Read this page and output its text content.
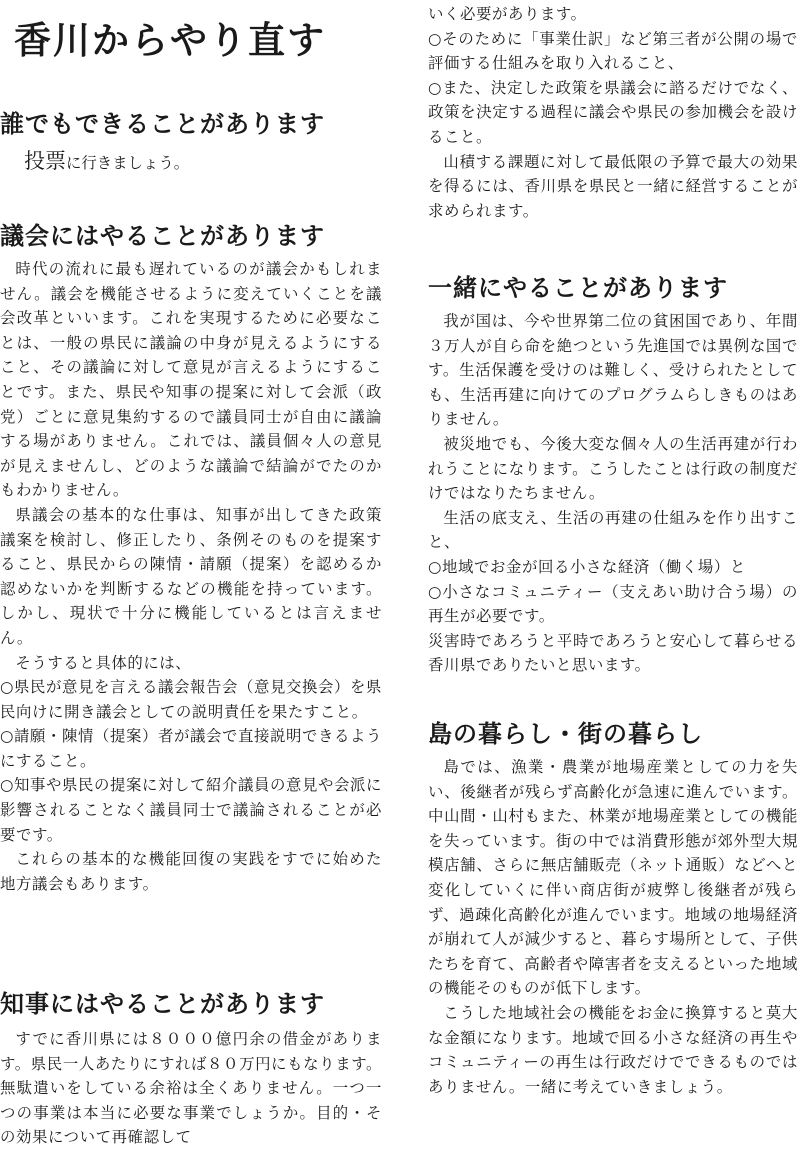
香川からやり直す
誰でもできることがあります
投票に行きましょう。
議会にはやることがあります

時代の流れに最も遅れているのが議会かもしれません。議会を機能させるように変えていくことを議会改革といいます。これを実現するために必要なことは、一般の県民に議論の中身が見えるようにすること、その議論に対して意見が言えるようにすることです。また、県民や知事の提案に対して会派（政党）ごとに意見集約するので議員同士が自由に議論する場がありません。これでは、議員個々人の意見が見えませんし、どのような議論で結論がでたのかもわかりません。

県議会の基本的な仕事は、知事が出してきた政策議案を検討し、修正したり、条例そのものを提案すること、県民からの陳情・請願（提案）を認めるか認めないかを判断するなどの機能を持っています。しかし、現状で十分に機能しているとは言えません。

そうすると具体的には、

○県民が意見を言える議会報告会（意見交換会）を県民向けに開き議会としての説明責任を果たすこと。

○請願・陳情（提案）者が議会で直接説明できるようにすること。

○知事や県民の提案に対して紹介議員の意見や会派に影響されることなく議員同士で議論されることが必要です。

これらの基本的な機能回復の実践をすでに始めた地方議会もあります。

知事にはやることがあります

すでに香川県には８０００億円余の借金があります。県民一人あたりにすれば８０万円にもなります。無駄遣いをしている余裕は全くありません。一つ一つの事業は本当に必要な事業でしょうか。目的・その効果について再確認して

いく必要があります。

○そのために「事業仕訳」など第三者が公開の場で評価する仕組みを取り入れること、

○また、決定した政策を県議会に諮るだけでなく、政策を決定する過程に議会や県民の参加機会を設けること。

山積する課題に対して最低限の予算で最大の効果を得るには、香川県を県民と一緒に経営することが求められます。

一緒にやることがあります

我が国は、今や世界第二位の貧困国であり、年間３万人が自ら命を絶つという先進国では異例な国です。生活保護を受けのは難しく、受けられたとしても、生活再建に向けてのプログラムらしきものはありません。

被災地でも、今後大変な個々人の生活再建が行われうことになります。こうしたことは行政の制度だけではなりたちません。

生活の底支え、生活の再建の仕組みを作り出すこと、

○地域でお金が回る小さな経済（働く場）と

○小さなコミュニティー（支えあい助け合う場）の再生が必要です。

災害時であろうと平時であろうと安心して暮らせる香川県でありたいと思います。

島の暮らし・街の暮らし

島では、漁業・農業が地場産業としての力を失い、後継者が残らず高齢化が急速に進んでいます。中山間・山村もまた、林業が地場産業としての機能を失っています。街の中では消費形態が郊外型大規模店舗、さらに無店舗販売（ネット通販）などへと変化していくに伴い商店街が疲弊し後継者が残らず、過疎化高齢化が進んでいます。地域の地場経済が崩れて人が減少すると、暮らす場所として、子供たちを育て、高齢者や障害者を支えるといった地域の機能そのものが低下します。

こうした地域社会の機能をお金に換算すると莫大な金額になります。地域で回る小さな経済の再生やコミュニティーの再生は行政だけでできるものではありません。一緒に考えていきましょう。
